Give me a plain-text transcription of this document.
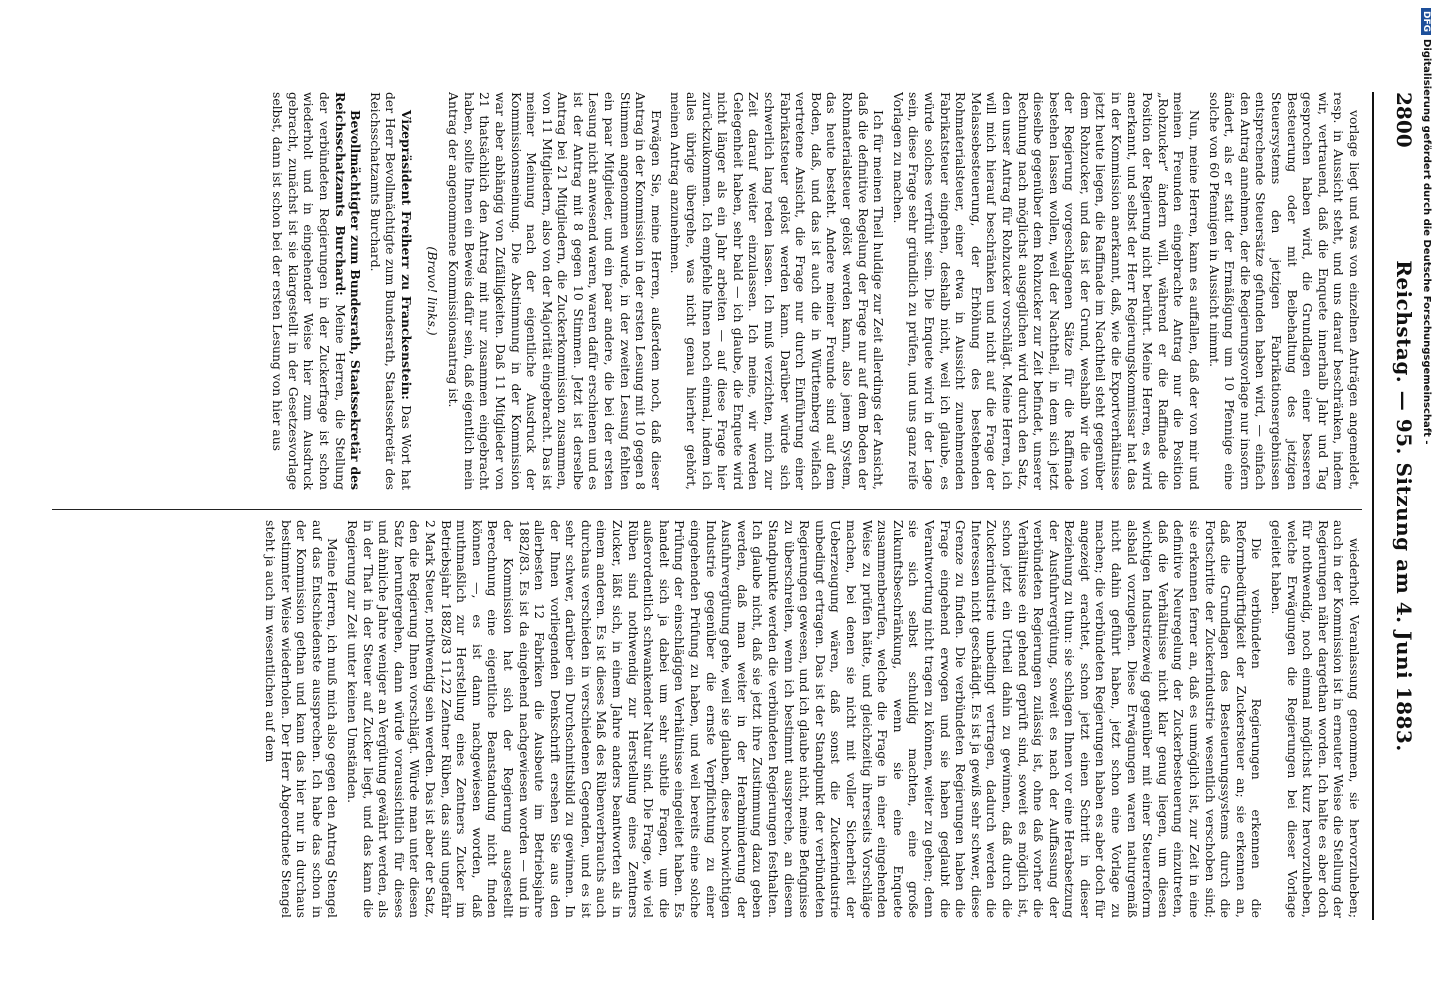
2800
Reichstag. — 95. Sitzung am 4. Juni 1883.

vorlage liegt und was von einzelnen Anträgen angemeldet, resp. in Aussicht steht, und uns darauf beschränken, indem wir, vertrauend, daß die Enquete innerhalb Jahr und Tag gesprochen haben wird, die Grundlagen einer besseren Besteuerung oder mit Beibehaltung des jetzigen Steuersystems den jetzigen Fabrikationsergebnissen entsprechende Steuersätze gefunden haben wird, — einfach den Antrag annehmen, der die Regierungsvorlage nur insofern ändert, als er statt der Ermäßigung um 10 Pfennige eine solche von 60 Pfennigen in Aussicht nimmt.

Nun, meine Herren, kann es auffallen, daß der von mir und meinen Freunden eingebrachte Antrag nur die Position „Rohzucker“ ändern will, während er die Raffinade die Position der Regierung nicht berührt. Meine Herren, es wird anerkannt, und selbst der Herr Regierungskommissar hat das in der Kommission anerkannt, daß, wie die Exportverhältnisse jetzt heute liegen, die Raffinade im Nachtheil steht gegenüber dem Rohzucker, und das ist der Grund, weshalb wir die von der Regierung vorgeschlagenen Sätze für die Raffinade bestehen lassen wollen, weil der Nachtheil, in dem sich jetzt dieselbe gegenüber dem Rohzucker zur Zeit befindet, unserer Rechnung nach möglichst ausgeglichen wird durch den Satz, den unser Antrag für Rohzucker vorschlägt. Meine Herren, ich will mich hierauf beschränken und nicht auf die Frage der Melassebesteuerung, der Erhöhung des bestehenden Rohmaterialsteuer, einer etwa in Aussicht zunehmenden Fabrikatsteuer eingehen, deshalb nicht, weil ich glaube, es würde solches verfrüht sein. Die Enquete wird in der Lage sein, diese Frage sehr gründlich zu prüfen, und uns ganz reife Vorlagen zu machen.

Ich für meinen Theil huldige zur Zeit allerdings der Ansicht, daß die definitive Regelung der Frage nur auf dem Boden der Rohmaterialsteuer gelöst werden kann, also jenem System, das heute besteht. Andere meiner Freunde sind auf dem Boden, daß, und das ist auch die in Württemberg vielfach vertretene Ansicht, die Frage nur durch Einführung einer Fabrikatsteuer gelöst werden kann. Darüber würde sich schwerlich lang reden lassen. Ich muß verzichten, mich zur Zeit darauf weiter einzulassen. Ich meine, wir werden Gelegenheit haben, sehr bald — ich glaube, die Enquete wird nicht länger als ein Jahr arbeiten — auf diese Frage hier zurückzukommen. Ich empfehle Ihnen noch einmal, indem ich alles übrige übergehe, was nicht genau hierher gehört, meinen Antrag anzunehmen.

Erwägen Sie, meine Herren, außerdem noch, daß dieser Antrag in der Kommission in der ersten Lesung mit 10 gegen 8 Stimmen angenommen wurde, in der zweiten Lesung fehlten ein paar Mitglieder, und ein paar andere, die bei der ersten Lesung nicht anwesend waren, waren dafür erschienen und es ist der Antrag mit 8 gegen 10 Stimmen. Jetzt ist derselbe Antrag bei 21 Mitgliedern, die Zuckerkommission zusammen, von 11 Mitgliedern, also von der Majorität eingebracht. Das ist meiner Meinung nach der eigentliche Ausdruck der Kommissionsmeinung. Die Abstimmung in der Kommission war aber abhängig von Zufälligkeiten. Daß 11 Mitglieder von 21 thatsächlich den Antrag mit nur zusammen eingebracht haben, sollte Ihnen ein Beweis dafür sein, daß eigentlich mein Antrag der angenommene Kommissionsantrag ist.

(Bravo! links.)

Vizepräsident Freiherr zu Franckenstein: Das Wort hat der Herr Bevollmächtigte zum Bundesrath, Staatssekretär des Reichsschatzamts Burchard.

Bevollmächtigter zum Bundesrath, Staatssekretär des Reichsschatzamts Burchard: Meine Herren, die Stellung der verbündeten Regierungen in der Zuckerfrage ist schon wiederholt und in eingehender Weise hier zum Ausdruck gebracht, zunächst ist sie klargestellt in der Gesetzesvorlage selbst, dann ist schon bei der ersten Lesung von hier aus

wiederholt Veranlassung genommen, sie hervorzuheben; auch in der Kommission ist in erneuter Weise die Stellung der Regierungen näher dargethan worden. Ich halte es aber doch für nothwendig, noch einmal möglichst kurz hervorzuheben, welche Erwägungen die Regierungen bei dieser Vorlage geleitet haben.

Die verbündeten Regierungen erkennen die Reformbedürftigkeit der Zuckersteuer an; sie erkennen an, daß die Grundlagen des Besteuerungssystems durch die Fortschritte der Zuckerindustrie wesentlich verschoben sind; sie erkennen ferner an, daß es unmöglich ist, zur Zeit in eine definitive Neuregelung der Zuckerbesteuerung einzutreten, daß die Verhältnisse nicht klar genug liegen, um diesen wichtigen Industriezweig gegenüber mit einer Steuerreform alsbald vorzugehen. Diese Erwägungen waren naturgemäß nicht dahin geführt haben, jetzt schon eine Vorlage zu machen; die verbündeten Regierungen haben es aber doch für angezeigt erachtet, schon jetzt einen Schritt in dieser Beziehung zu thun: sie schlagen Ihnen vor eine Herabsetzung der Ausfuhrvergütung, soweit es nach der Auffassung der verbündeten Regierungen zulässig ist, ohne daß vorher die Verhältnisse ein gehend geprüft sind, soweit es möglich ist, schon jetzt ein Urtheil dahin zu gewinnen, daß durch die Zuckerindustrie unbedingt vertragen, dadurch werden die Interessen nicht geschädigt. Es ist ja gewiß sehr schwer, diese Grenze zu finden. Die verbündeten Regierungen haben die Frage eingehend erwogen und sie haben geglaubt die Verantwortung nicht tragen zu können, weiter zu gehen; denn sie sich selbst schuldig machten, eine große Zukunftsbeschränkung, wenn sie eine Enquete zusammenberufen, welche die Frage in einer eingehenden Weise zu prüfen hätte, und gleichzeitig ihrerseits Vorschläge machen, bei denen sie nicht mit voller Sicherheit der Ueberzeugung wären, daß sonst die Zuckerindustrie unbedingt ertragen. Das ist der Standpunkt der verbündeten Regierungen gewesen, und ich glaube nicht, meine Befugnisse zu überschreiten, wenn ich bestimmt ausspreche, an diesem Standpunkte werden die verbündeten Regierungen festhalten. Ich glaube nicht, daß sie jetzt ihre Zustimmung dazu geben werden, daß man weiter in der Herabminderung der Ausfuhrvergütung gehe, weil sie glauben, diese hochwichtigen Industrie gegenüber die ernste Verpflichtung zu einer eingehenden Prüfung zu haben, und weil bereits eine solche Prüfung der einschlägigen Verhältnisse eingeleitet haben. Es handelt sich ja dabei um sehr subtile Fragen, um die außerordentlich schwankender Natur sind. Die Frage, wie viel Rüben sind nothwendig zur Herstellung eines Zentners Zucker, läßt sich, in einem Jahre anders beantworten als in einem anderen. Es ist dieses Maß des Rübenverbrauchs auch durchaus verschieden in verschiedenen Gegenden, und es ist sehr schwer, darüber ein Durchschnittsbild zu gewinnen. In der Ihnen vorliegenden Denkschrift ersehen Sie aus den allerbesten 12 Fabriken die Ausbeute im Betriebsjahre 1882/83. Es ist da eingehend nachgewiesen worden — und in der Kommission hat sich der Regierung ausgestellt Berechnung eine eigentliche Beanstandung nicht finden können —, es ist dann nachgewiesen worden, daß muthmaßlich zur Herstellung eines Zentners Zucker im Betriebsjahr 1882/83 11,22 Zentner Rüben, das sind ungefähr 2 Mark Steuer, nothwendig sein werden. Das ist aber der Satz, den die Regierung Ihnen vorschlägt. Würde man unter diesen Satz heruntergehen, dann würde voraussichtlich für dieses und ähnliche Jahre weniger an Vergütung gewährt werden, als in der That in der Steuer auf Zucker liegt, und das kann die Regierung zur Zeit unter keinen Umständen.

Meine Herren, ich muß mich also gegen den Antrag Stengel auf das Entschiedenste aussprechen. Ich habe das schon in der Kommission gethan und kann das hier nur in durchaus bestimmter Weise wiederholen. Der Herr Abgeordnete Stengel steht ja auch im wesentlichen auf dem

DFGDigitalisierung gefördert durch die Deutsche Forschungsgemeinschaft -
